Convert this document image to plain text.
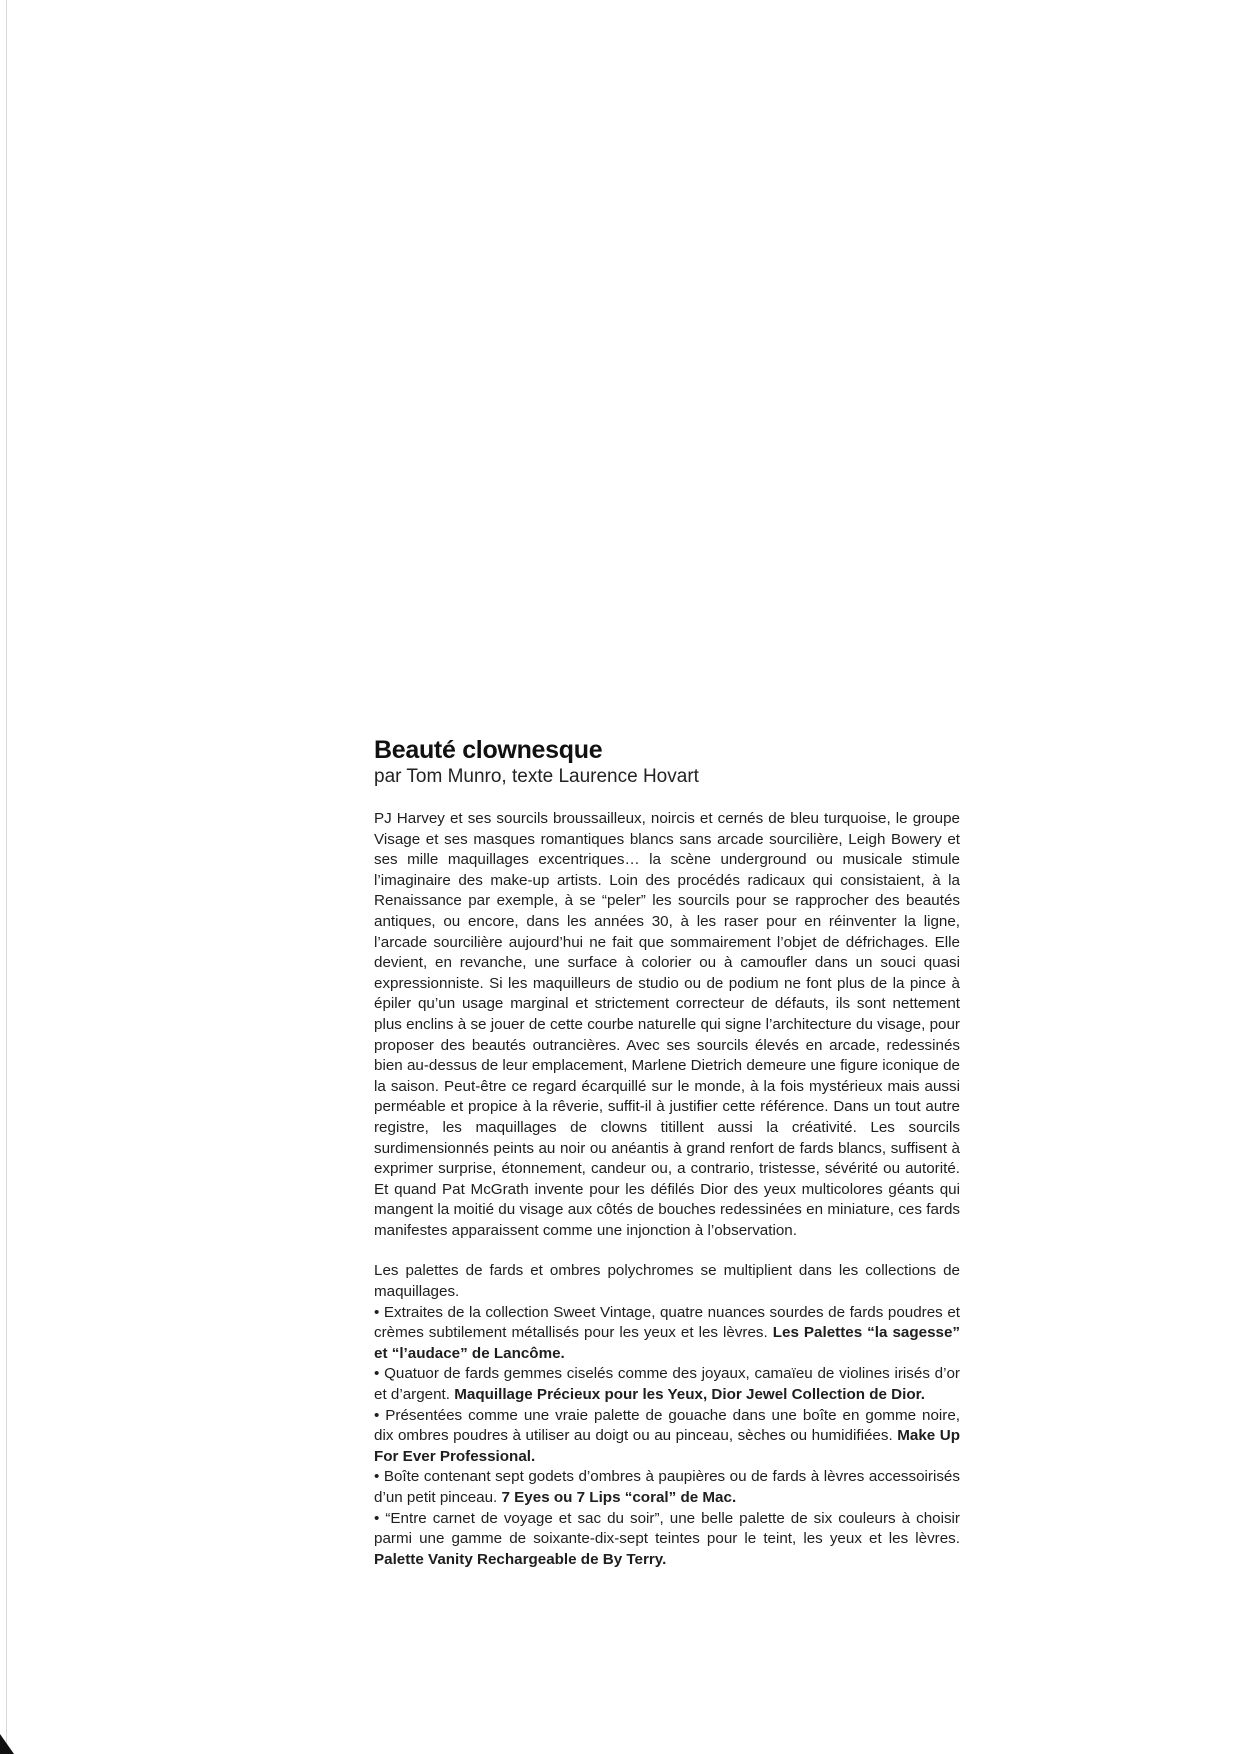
Beauté clownesque

par Tom Munro, texte Laurence Hovart

PJ Harvey et ses sourcils broussailleux, noircis et cernés de bleu turquoise, le groupe Visage et ses masques romantiques blancs sans arcade sourcilière, Leigh Bowery et ses mille maquillages excentriques… la scène underground ou musicale stimule l’imaginaire des make-up artists. Loin des procédés radicaux qui consistaient, à la Renaissance par exemple, à se “peler” les sourcils pour se rapprocher des beautés antiques, ou encore, dans les années 30, à les raser pour en réinventer la ligne, l’arcade sourcilière aujourd’hui ne fait que sommairement l’objet de défrichages. Elle devient, en revanche, une surface à colorier ou à camoufler dans un souci quasi expressionniste. Si les maquilleurs de studio ou de podium ne font plus de la pince à épiler qu’un usage marginal et strictement correcteur de défauts, ils sont nettement plus enclins à se jouer de cette courbe naturelle qui signe l’architecture du visage, pour proposer des beautés outrancières. Avec ses sourcils élevés en arcade, redessinés bien au-dessus de leur emplacement, Marlene Dietrich demeure une figure iconique de la saison. Peut-être ce regard écarquillé sur le monde, à la fois mystérieux mais aussi perméable et propice à la rêverie, suffit-il à justifier cette référence. Dans un tout autre registre, les maquillages de clowns titillent aussi la créativité. Les sourcils surdimensionnés peints au noir ou anéantis à grand renfort de fards blancs, suffisent à exprimer surprise, étonnement, candeur ou, a contrario, tristesse, sévérité ou autorité. Et quand Pat McGrath invente pour les défilés Dior des yeux multicolores géants qui mangent la moitié du visage aux côtés de bouches redessinées en miniature, ces fards manifestes apparaissent comme une injonction à l’observation.

Les palettes de fards et ombres polychromes se multiplient dans les collections de maquillages.
• Extraites de la collection Sweet Vintage, quatre nuances sourdes de fards poudres et crèmes subtilement métallisés pour les yeux et les lèvres. Les Palettes “la sagesse” et “l’audace” de Lancôme.
• Quatuor de fards gemmes ciselés comme des joyaux, camaïeu de violines irisés d’or et d’argent. Maquillage Précieux pour les Yeux, Dior Jewel Collection de Dior.
• Présentées comme une vraie palette de gouache dans une boîte en gomme noire, dix ombres poudres à utiliser au doigt ou au pinceau, sèches ou humidifiées. Make Up For Ever Professional.
• Boîte contenant sept godets d’ombres à paupières ou de fards à lèvres accessoirisés d’un petit pinceau. 7 Eyes ou 7 Lips “coral” de Mac.
• “Entre carnet de voyage et sac du soir”, une belle palette de six couleurs à choisir parmi une gamme de soixante-dix-sept teintes pour le teint, les yeux et les lèvres. Palette Vanity Rechargeable de By Terry.
